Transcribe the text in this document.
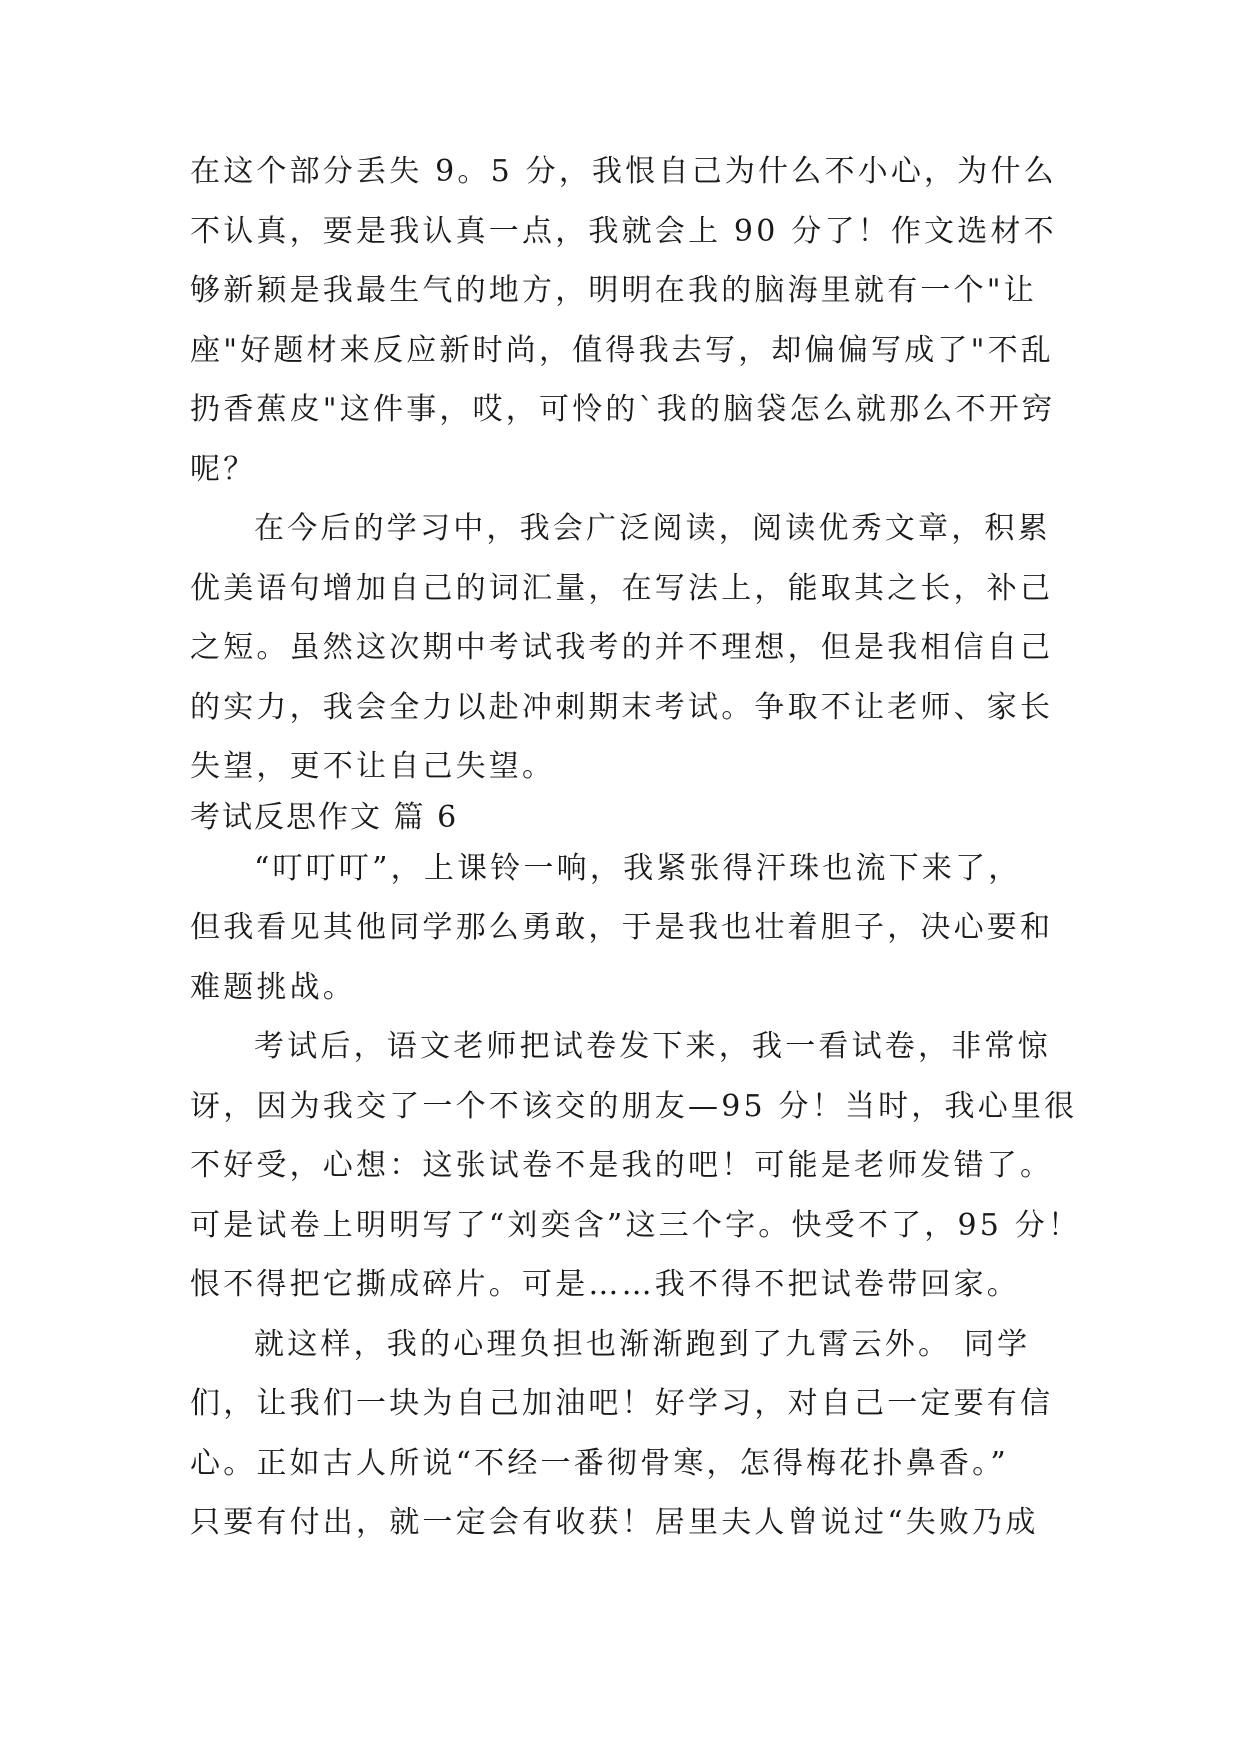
在这个部分丢失 9。5 分，我恨自己为什么不小心，为什么
不认真，要是我认真一点，我就会上 90 分了！作文选材不
够新颖是我最生气的地方，明明在我的脑海里就有一个"让
座"好题材来反应新时尚，值得我去写，却偏偏写成了"不乱
扔香蕉皮"这件事，哎，可怜的`我的脑袋怎么就那么不开窍
呢？
在今后的学习中，我会广泛阅读，阅读优秀文章，积累
优美语句增加自己的词汇量，在写法上，能取其之长，补己
之短。虽然这次期中考试我考的并不理想，但是我相信自己
的实力，我会全力以赴冲刺期末考试。争取不让老师、家长
失望，更不让自己失望。
考试反思作文 篇 6
“叮叮叮”，上课铃一响，我紧张得汗珠也流下来了，
但我看见其他同学那么勇敢，于是我也壮着胆子，决心要和
难题挑战。
考试后，语文老师把试卷发下来，我一看试卷，非常惊
讶，因为我交了一个不该交的朋友—95 分！当时，我心里很
不好受，心想：这张试卷不是我的吧！可能是老师发错了。
可是试卷上明明写了“刘奕含”这三个字。快受不了，95 分！
恨不得把它撕成碎片。可是……我不得不把试卷带回家。
就这样，我的心理负担也渐渐跑到了九霄云外。 同学
们，让我们一块为自己加油吧！好学习，对自己一定要有信
心。正如古人所说“不经一番彻骨寒，怎得梅花扑鼻香。”
只要有付出，就一定会有收获！居里夫人曾说过“失败乃成
